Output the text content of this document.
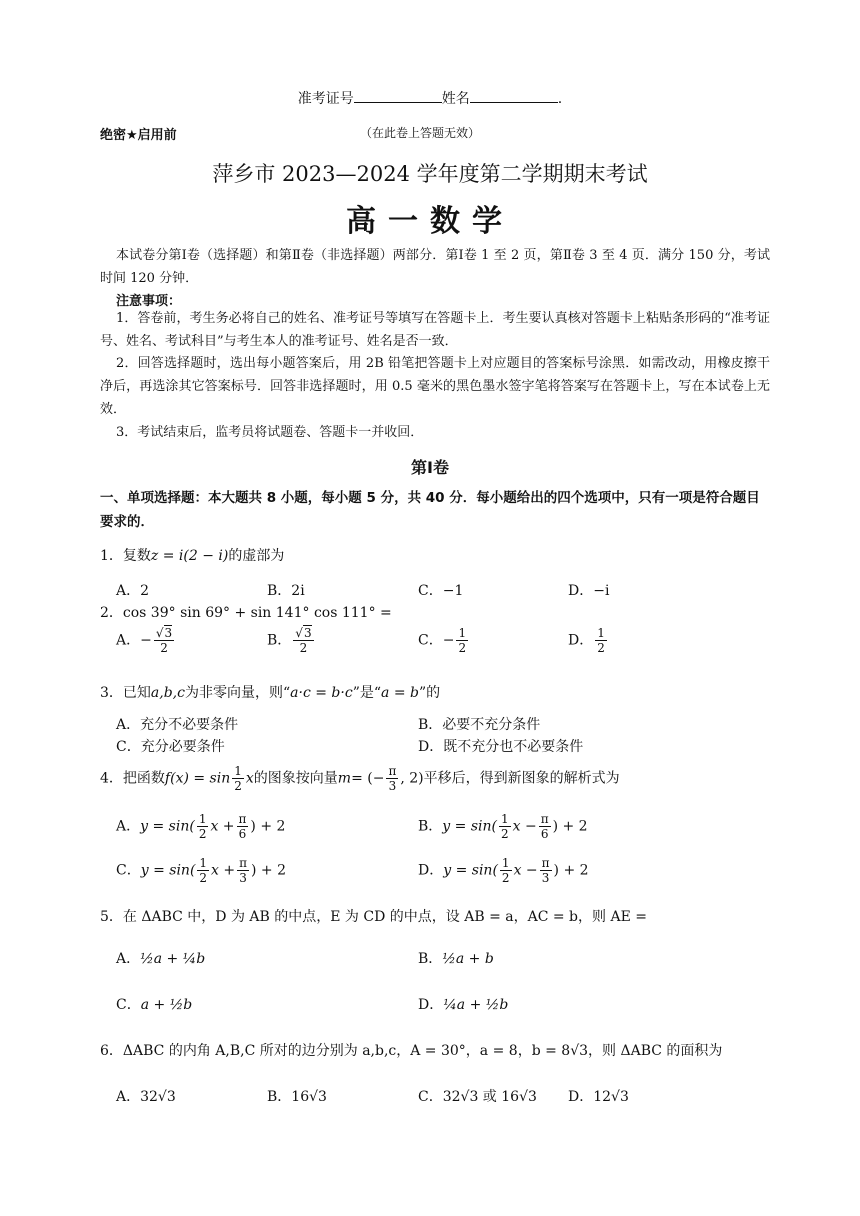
准考证号	姓名	.
绝密★启用前	（在此卷上答题无效）
萍乡市 2023—2024 学年度第二学期期末考试
高一数学
本试卷分第Ⅰ卷（选择题）和第Ⅱ卷（非选择题）两部分．第Ⅰ卷 1 至 2 页，第Ⅱ卷 3 至 4 页．满分 150 分，考试时间 120 分钟．
注意事项：
1．答卷前，考生务必将自己的姓名、准考证号等填写在答题卡上．考生要认真核对答题卡上粘贴条形码的“准考证号、姓名、考试科目”与考生本人的准考证号、姓名是否一致．
2．回答选择题时，选出每小题答案后，用 2B 铅笔把答题卡上对应题目的答案标号涂黑．如需改动，用橡皮擦干净后，再选涂其它答案标号．回答非选择题时，用 0.5 毫米的黑色墨水签字笔将答案写在答题卡上，写在本试卷上无效．
3．考试结束后，监考员将试题卷、答题卡一并收回．
第Ⅰ卷
一、单项选择题：本大题共 8 小题，每小题 5 分，共 40 分．每小题给出的四个选项中，只有一项是符合题目要求的．
1．复数z = i(2 − i)的虚部为
A．2	B．2i	C．−1	D．−i
2．cos 39° sin 69° + sin 141° cos 111° =
A．− $\frac{√3}{2}$	B． $\frac{√3}{2}$	C．− $\frac{1}{2}$	D． $\frac{1}{2}$
3．已知a,b,c为非零向量，则“a·c = b·c”是“a = b”的
A．充分不必要条件	B．必要不充分条件
C．充分必要条件	D．既不充分也不必要条件
4．把函数$f(x) = \sin \frac{1}{2}$ x的图象按向量m= (− $\frac{\pi}{3}$ , 2)平移后，得到新图象的解析式为
A．$y = \sin( \frac{1}{2}$ $x + \frac{\pi}{6}$ ) + 2	B．$y = \sin( \frac{1}{2}$ $x - \frac{\pi}{6}$ ) + 2
C．$y = \sin( \frac{1}{2}$ $x + \frac{\pi}{3}$ ) + 2	D．$y = \sin( \frac{1}{2}$ $x - \frac{\pi}{3}$ ) + 2
5．在 ΔABC 中，D 为 AB 的中点，E 为 CD 的中点，设 AB = a，AC = b，则 AE =
A．½a + ¼b	B．½a + b
C．a + ½b	D．¼a + ½b
6．ΔABC 的内角 A,B,C 所对的边分别为 a,b,c，A = 30°，a = 8，b = 8√3，则 ΔABC 的面积为
A．32√3	B．16√3	C．32√3 或 16√3 D．12√3
